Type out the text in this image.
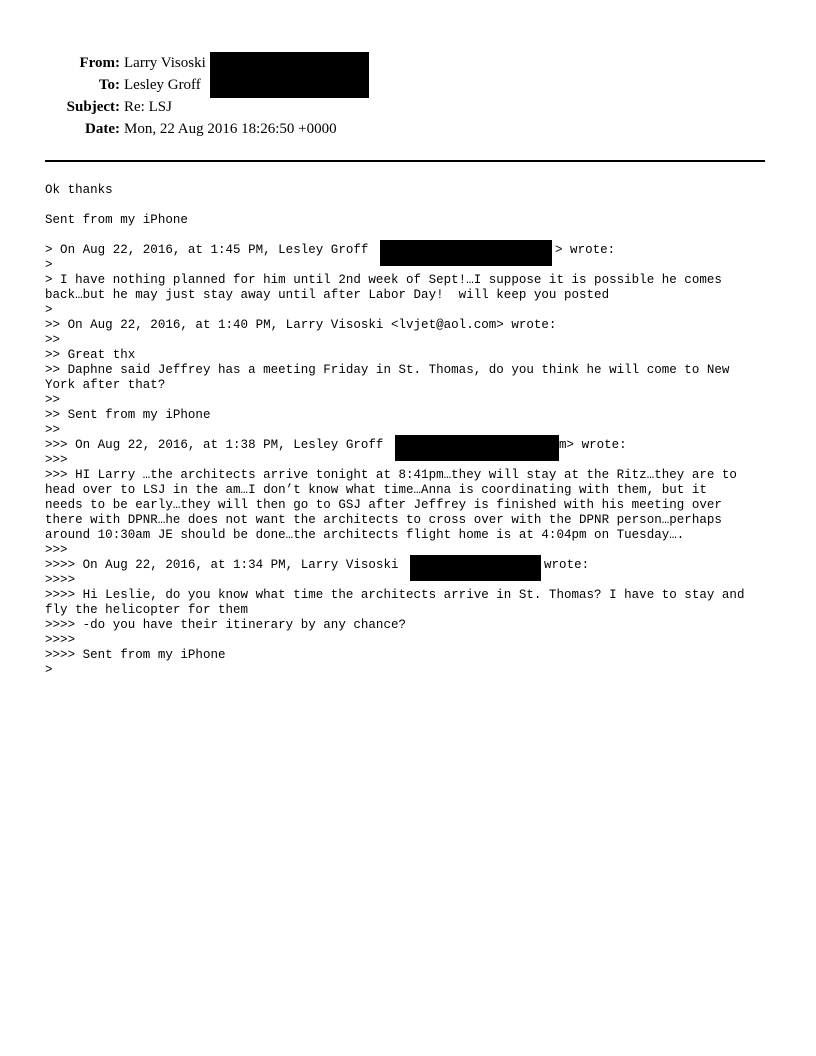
From: Larry Visoski
To: Lesley Groff
Subject: Re: LSJ
Date: Mon, 22 Aug 2016 18:26:50 +0000
Ok thanks
Sent from my iPhone
> On Aug 22, 2016, at 1:45 PM, Lesley Groff	> wrote:
>
> I have nothing planned for him until 2nd week of Sept!…I suppose it is possible he comes
back…but he may just stay away until after Labor Day!  will keep you posted
>
>> On Aug 22, 2016, at 1:40 PM, Larry Visoski <lvjet@aol.com> wrote:
>>
>> Great thx
>> Daphne said Jeffrey has a meeting Friday in St. Thomas, do you think he will come to New
York after that?
>>
>> Sent from my iPhone
>>
>>> On Aug 22, 2016, at 1:38 PM, Lesley Groff	m> wrote:
>>>
>>> HI Larry …the architects arrive tonight at 8:41pm…they will stay at the Ritz…they are to
head over to LSJ in the am…I don’t know what time…Anna is coordinating with them, but it
needs to be early…they will then go to GSJ after Jeffrey is finished with his meeting over
there with DPNR…he does not want the architects to cross over with the DPNR person…perhaps
around 10:30am JE should be done…the architects flight home is at 4:04pm on Tuesday….
>>>
>>>> On Aug 22, 2016, at 1:34 PM, Larry Visoski	wrote:
>>>>
>>>> Hi Leslie, do you know what time the architects arrive in St. Thomas? I have to stay and
fly the helicopter for them
>>>> -do you have their itinerary by any chance?
>>>>
>>>> Sent from my iPhone
>
